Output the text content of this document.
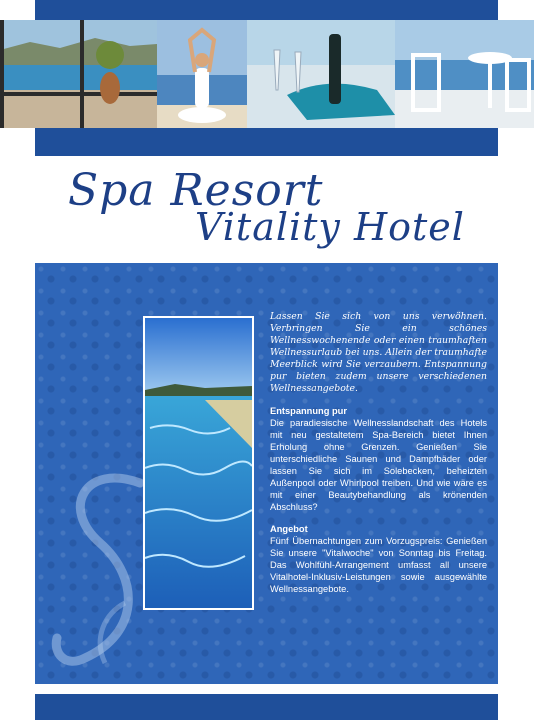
Spa Resort
Vitality Hotel

Lassen Sie sich von uns verwöhnen. Verbringen Sie ein schönes Wellnesswochenende oder einen traumhaften Wellnessurlaub bei uns. Allein der traumhafte Meerblick wird Sie verzaubern. Entspannung pur bieten zudem unsere verschiedenen Wellnessangebote.

Entspannung pur

Die paradiesische Wellnesslandschaft des Hotels mit neu gestaltetem Spa-Bereich bietet Ihnen Erholung ohne Grenzen. Genießen Sie unterschiedliche Saunen und Dampfbäder oder lassen Sie sich im Solebecken, beheizten Außenpool oder Whirlpool treiben. Und wie wäre es mit einer Beautybehandlung als krönenden Abschluss?

Angebot

Fünf Übernachtungen zum Vorzugspreis: Genießen Sie unsere "Vitalwoche" von Sonntag bis Freitag. Das Wohlfühl-Arrangement umfasst all unsere Vitalhotel-Inklusiv-Leistungen sowie ausgewählte Wellnessangebote.
